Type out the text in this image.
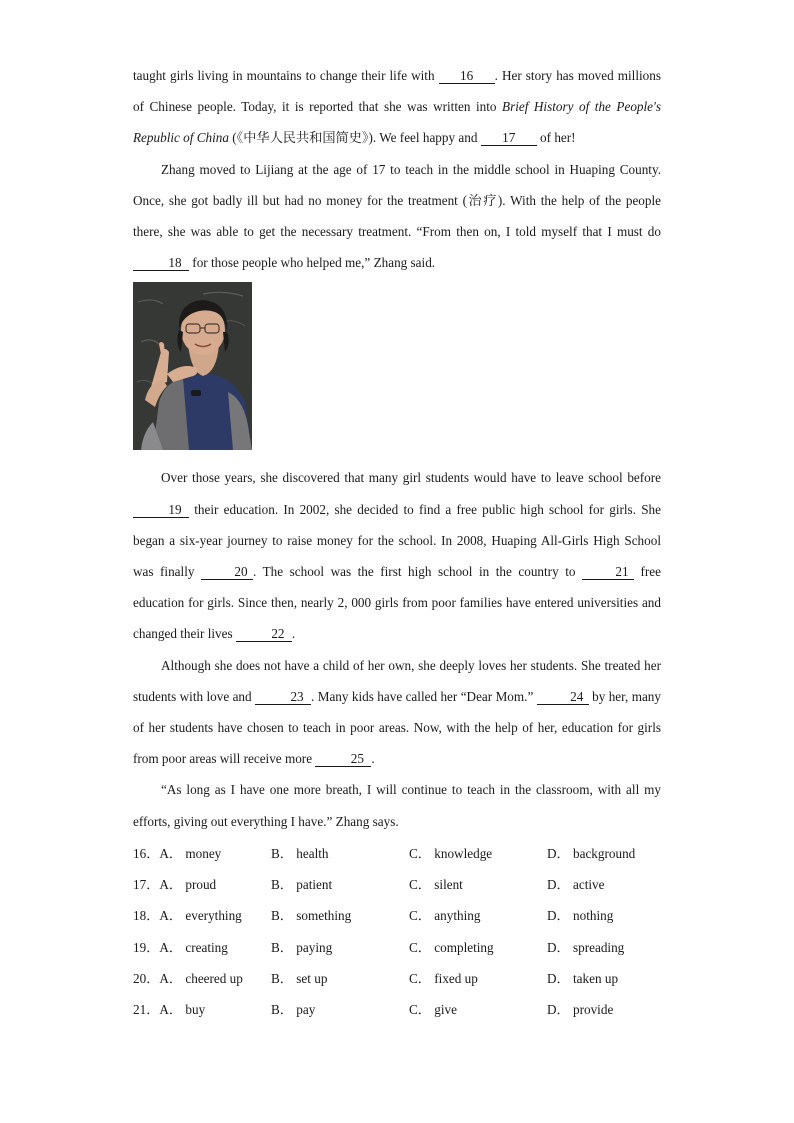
taught girls living in mountains to change their life with 16 . Her story has moved millions of Chinese people. Today, it is reported that she was written into Brief History of the People's Republic of China (《中华人民共和国简史》). We feel happy and 17 of her!

Zhang moved to Lijiang at the age of 17 to teach in the middle school in Huaping County. Once, she got badly ill but had no money for the treatment (治疗). With the help of the people there, she was able to get the necessary treatment. “From then on, I told myself that I must do 18 for those people who helped me,” Zhang said.

Over those years, she discovered that many girl students would have to leave school before 19 their education. In 2002, she decided to find a free public high school for girls. She began a six-year journey to raise money for the school. In 2008, Huaping All-Girls High School was finally	20 . The school was the first high school in the country to	21 free education for girls. Since then, nearly 2, 000 girls from poor families have entered universities and changed their lives	22 .

Although she does not have a child of her own, she deeply loves her students. She treated her students with love and	23 . Many kids have called her “Dear Mom.”	24 by her, many of her students have chosen to teach in poor areas. Now, with the help of her, education for girls from poor areas will receive more	25 .

“As long as I have one more breath, I will continue to teach in the classroom, with all my efforts, giving out everything I have.” Zhang says.

16．A． money	B． health	C． knowledge	D． background
17．A． proud	B． patient	C． silent	D． active
18．A． everything	B． something	C． anything	D． nothing
19．A． creating	B． paying	C． completing	D． spreading
20．A． cheered up	B． set up	C． fixed up	D． taken up
21．A． buy	B． pay	C． give	D． provide
